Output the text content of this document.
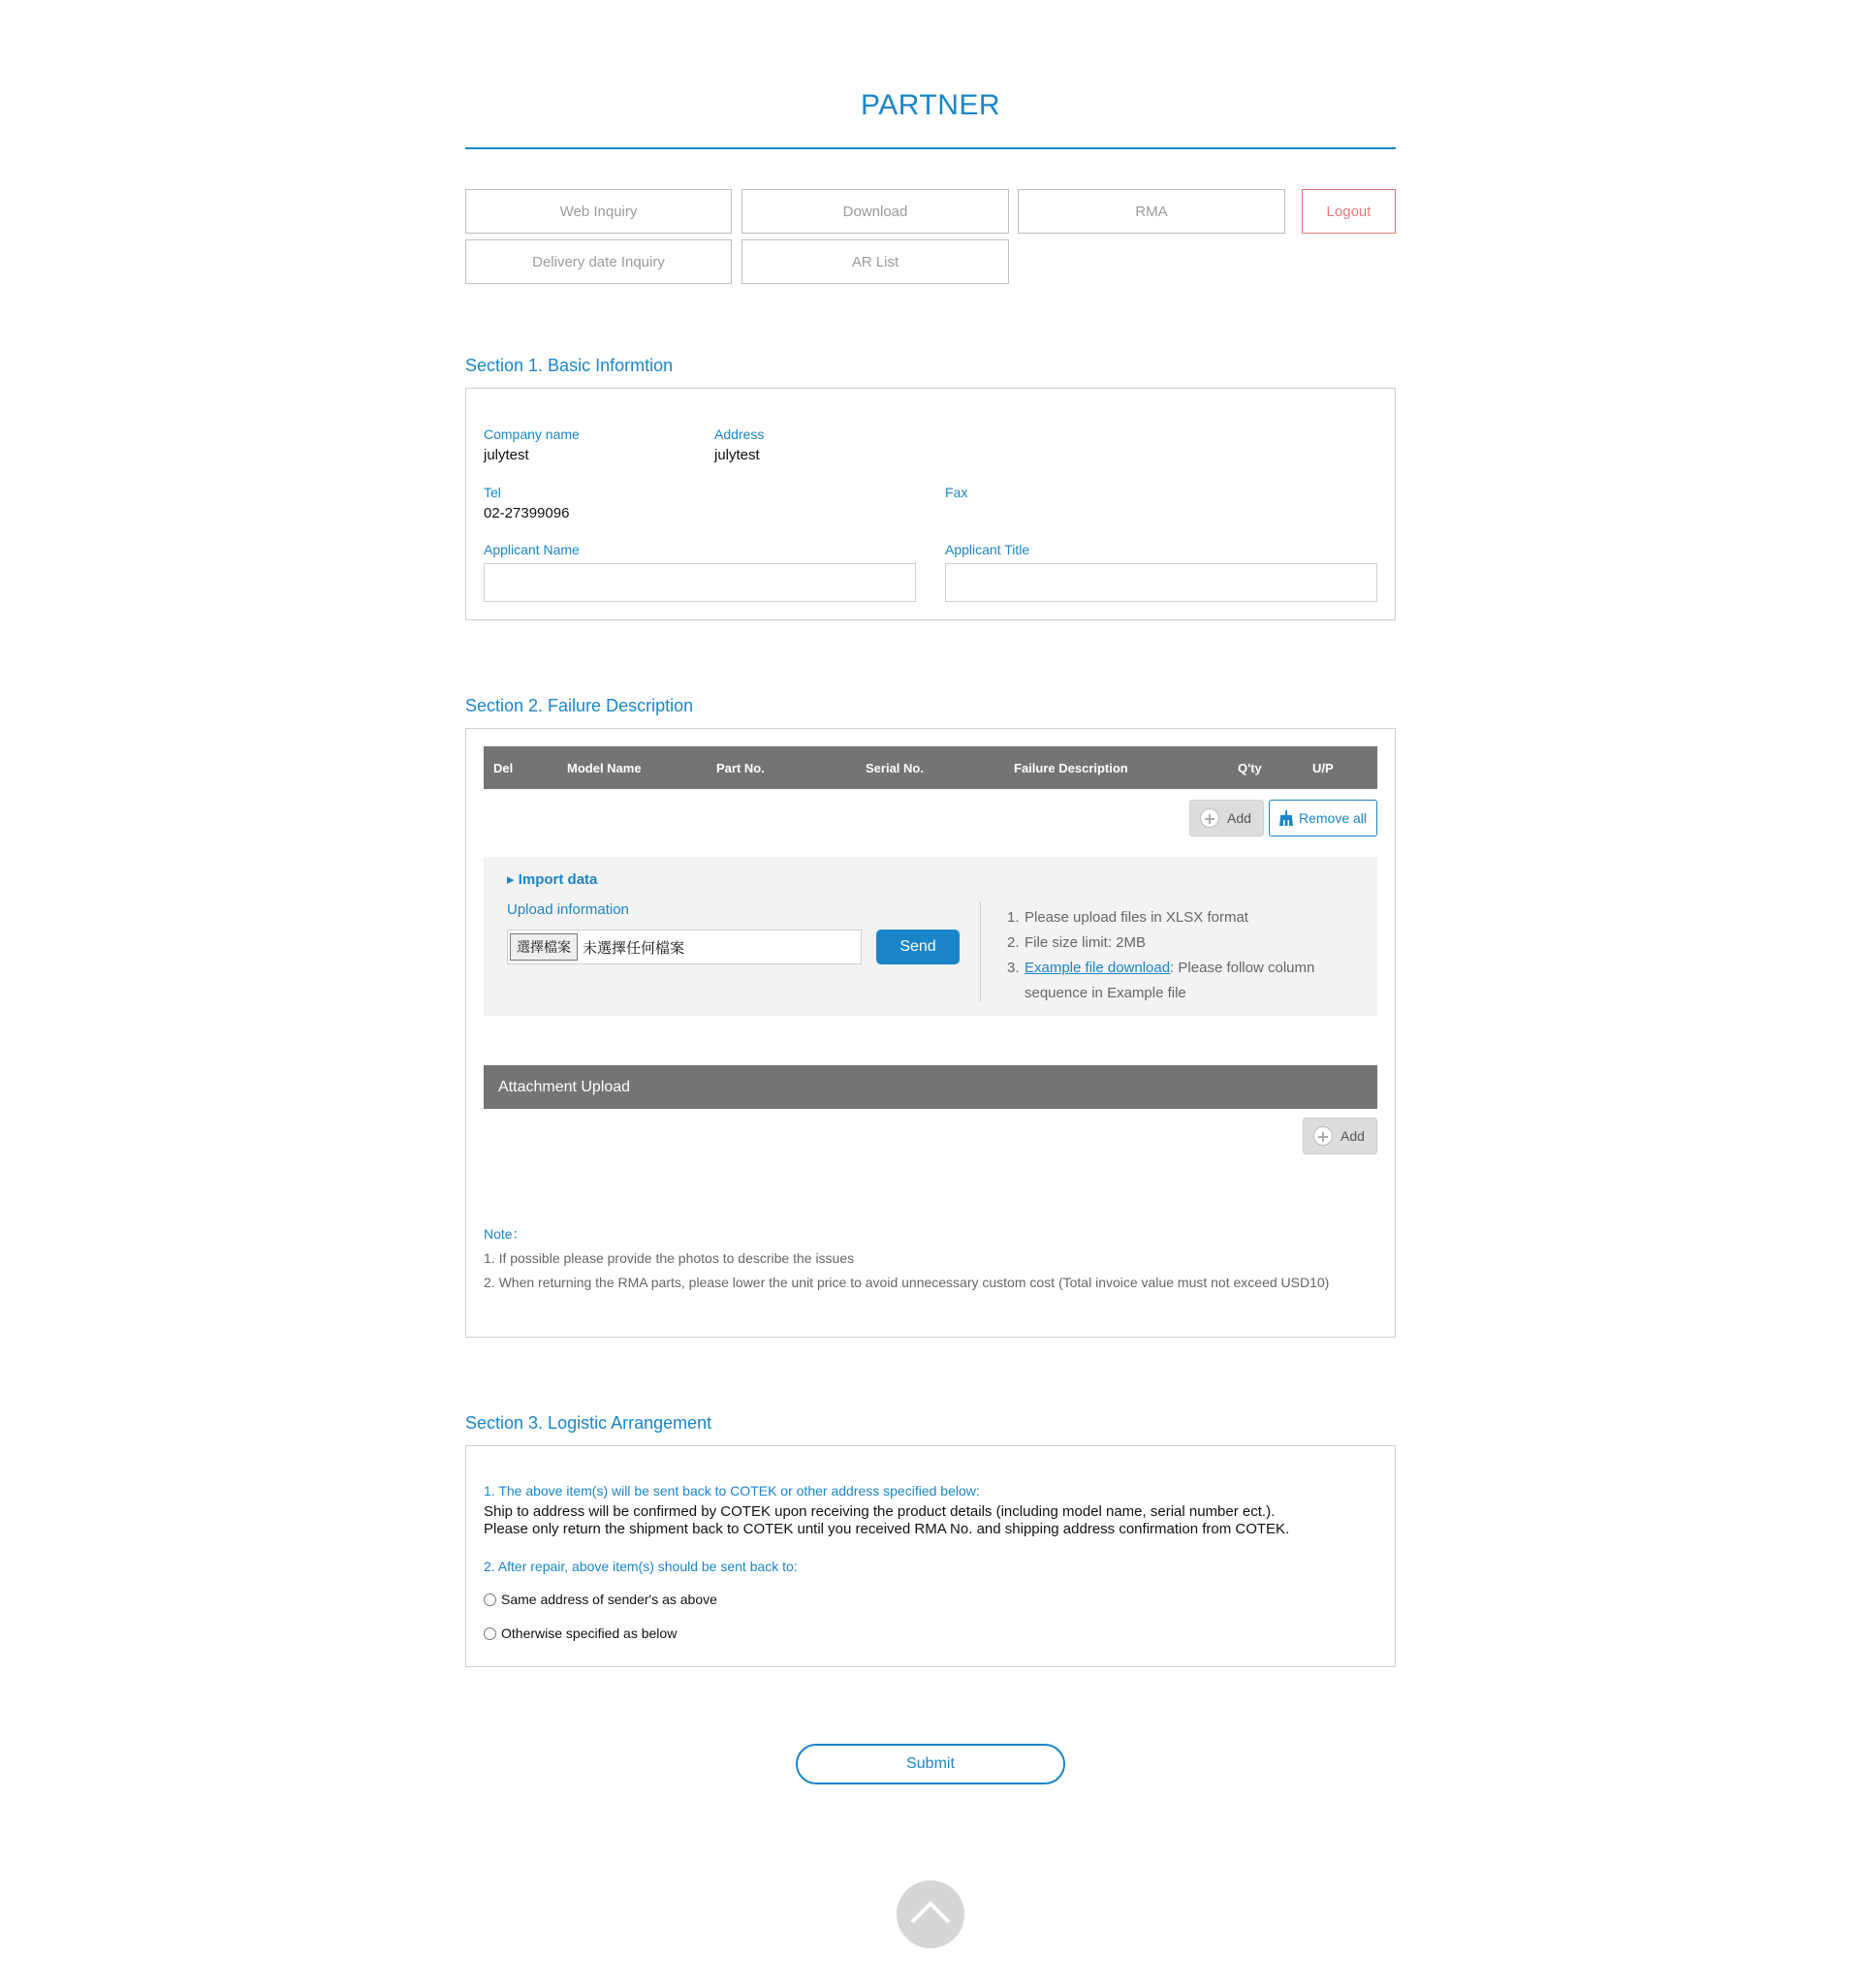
PARTNER
Web Inquiry	Download	RMA	Logout
Delivery date Inquiry	AR List
Section 1. Basic Informtion
Company name
julytest
Address
julytest
Tel
02-27399096
Fax
Applicant Name	Applicant Title
Section 2. Failure Description
Del	Model Name	Part No.	Serial No.	Failure Description	Q'ty	U/P
Add	Remove all
▸ Import data
Upload information
選擇檔案 未選擇任何檔案	Send
1. Please upload files in XLSX format
2. File size limit: 2MB
3. Example file download: Please follow column sequence in Example file
Attachment Upload
Add
Note：
1. If possible please provide the photos to describe the issues
2. When returning the RMA parts, please lower the unit price to avoid unnecessary custom cost (Total invoice value must not exceed USD10)
Section 3. Logistic Arrangement
1. The above item(s) will be sent back to COTEK or other address specified below:
Ship to address will be confirmed by COTEK upon receiving the product details (including model name, serial number ect.).
Please only return the shipment back to COTEK until you received RMA No. and shipping address confirmation from COTEK.
2. After repair, above item(s) should be sent back to:
Same address of sender's as above
Otherwise specified as below
Submit
